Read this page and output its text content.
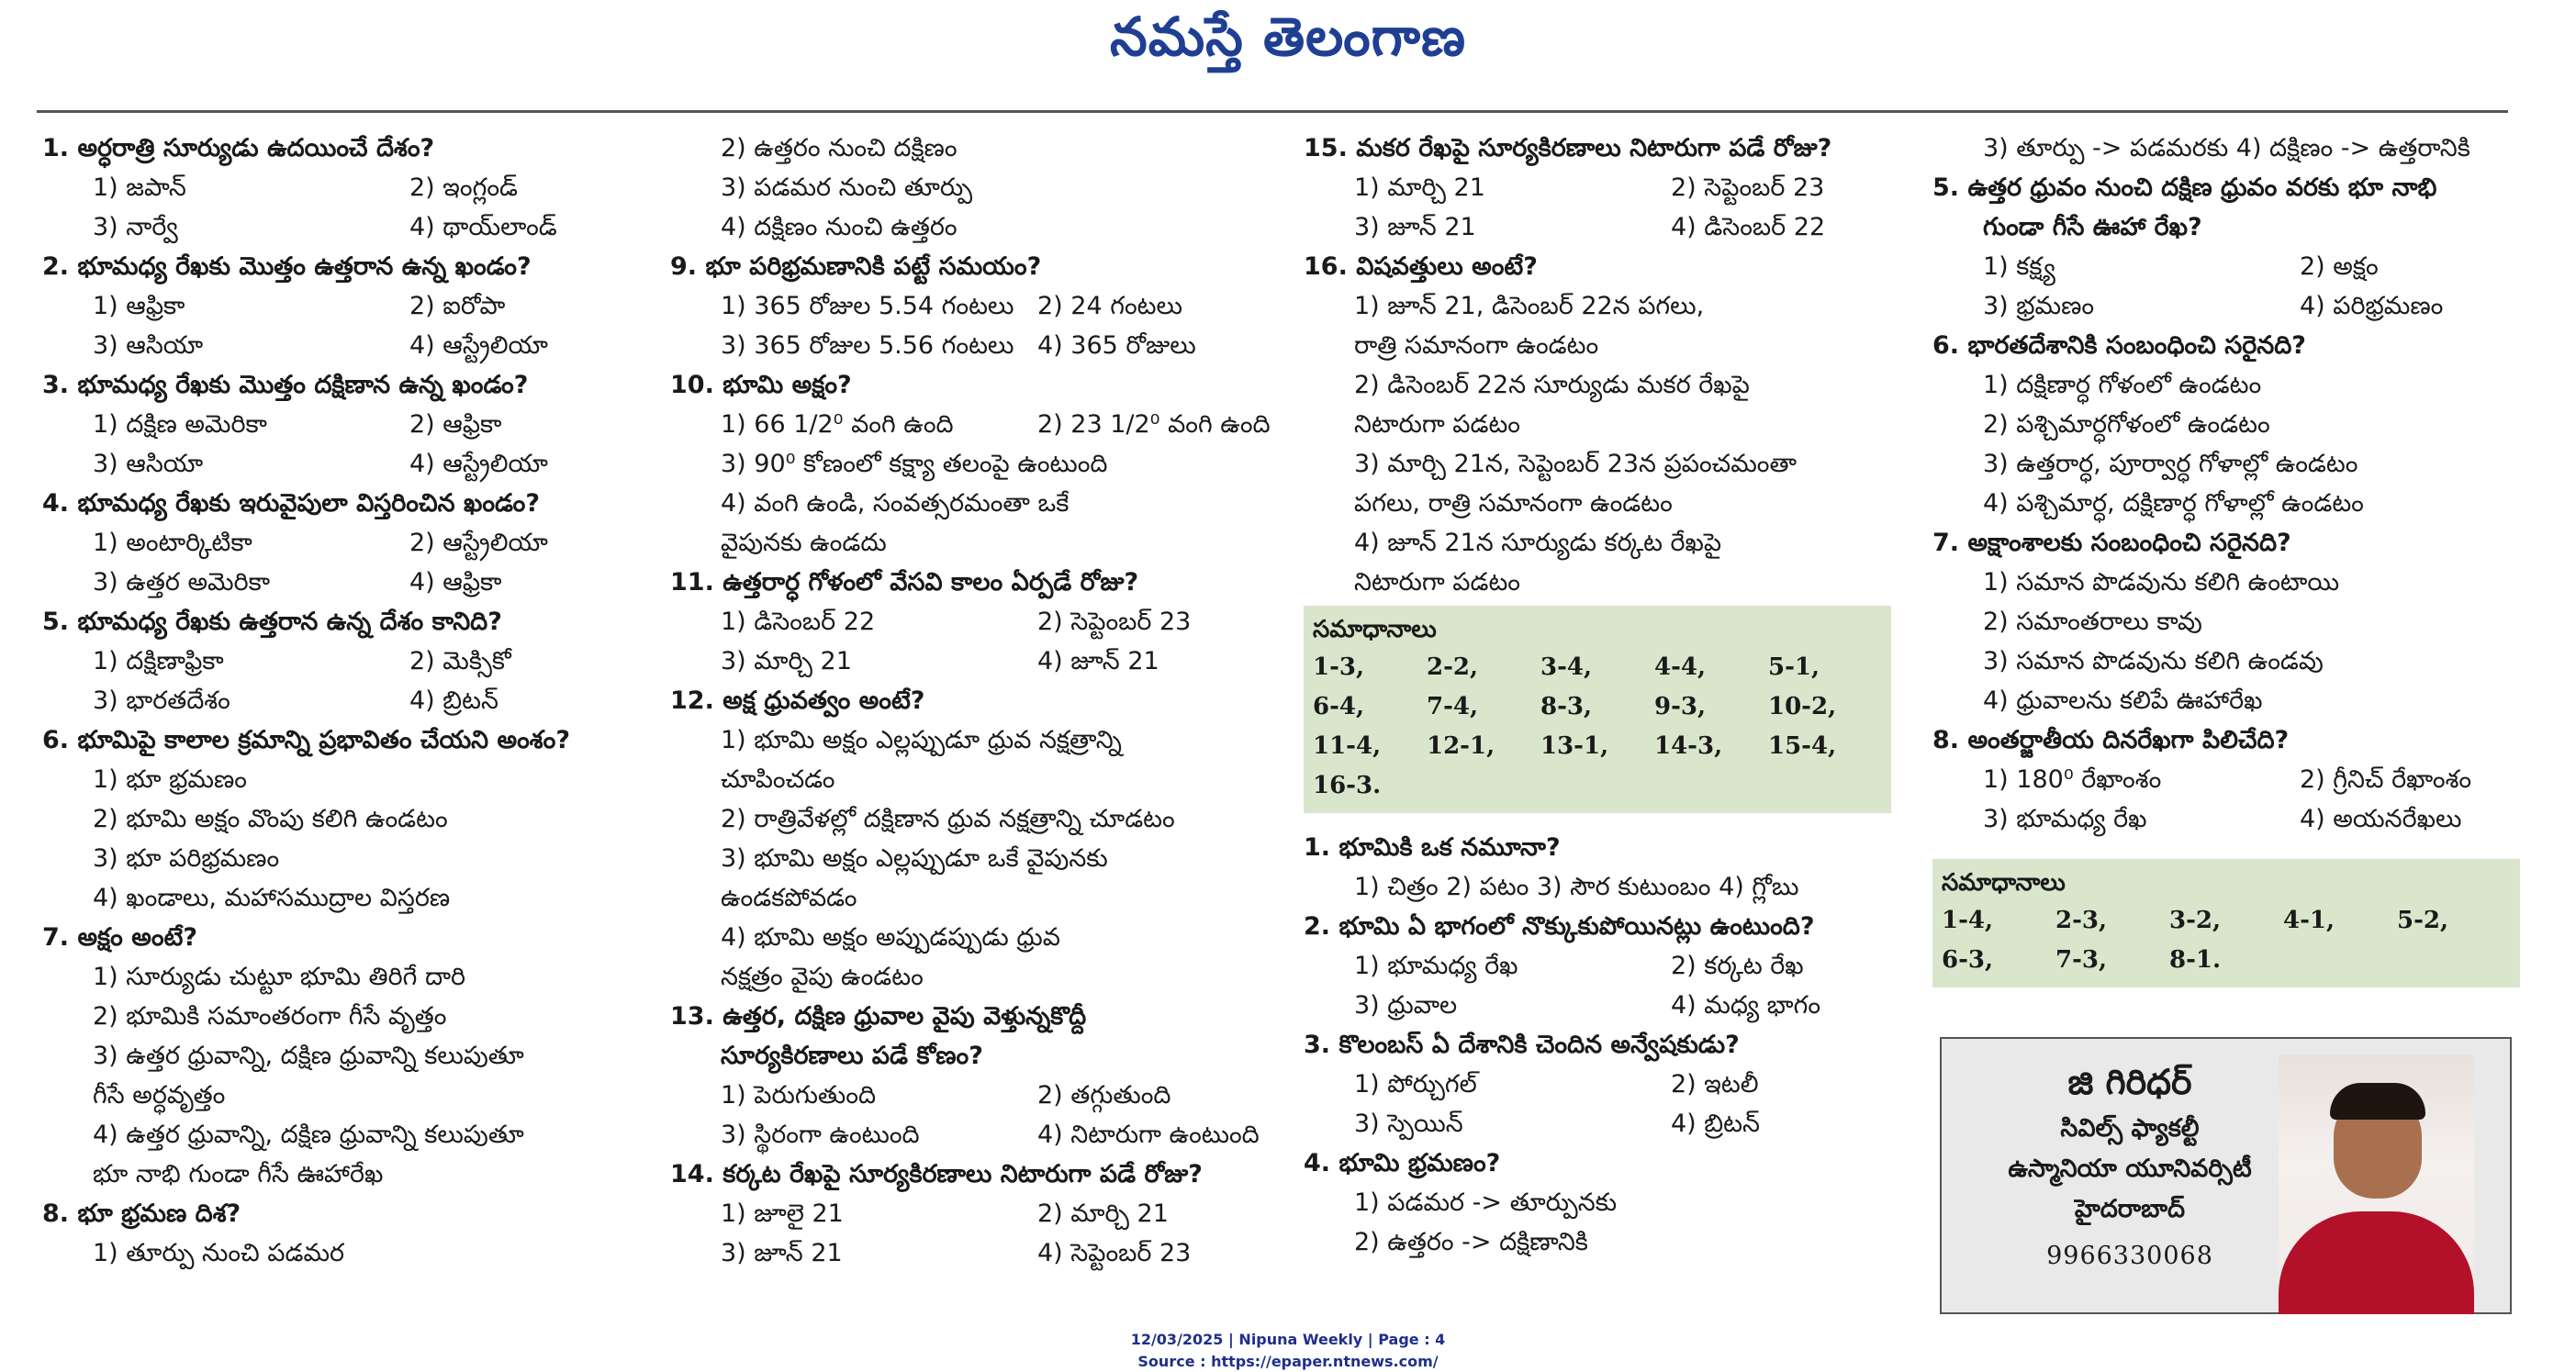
నమస్తే తెలంగాణ
1. అర్ధరాత్రి సూర్యుడు ఉదయించే దేశం?
1) జపాన్	2) ఇంగ్లండ్
3) నార్వే	4) థాయ్‌లాండ్
2. భూమధ్య రేఖకు మొత్తం ఉత్తరాన ఉన్న ఖండం?
1) ఆఫ్రికా	2) ఐరోపా
3) ఆసియా	4) ఆస్ట్రేలియా
3. భూమధ్య రేఖకు మొత్తం దక్షిణాన ఉన్న ఖండం?
1) దక్షిణ అమెరికా	2) ఆఫ్రికా
3) ఆసియా	4) ఆస్ట్రేలియా
4. భూమధ్య రేఖకు ఇరువైపులా విస్తరించిన ఖండం?
1) అంటార్కిటికా	2) ఆస్ట్రేలియా
3) ఉత్తర అమెరికా	4) ఆఫ్రికా
5. భూమధ్య రేఖకు ఉత్తరాన ఉన్న దేశం కానిది?
1) దక్షిణాఫ్రికా	2) మెక్సికో
3) భారతదేశం	4) బ్రిటన్
6. భూమిపై కాలాల క్రమాన్ని ప్రభావితం చేయని అంశం?
1) భూ భ్రమణం
2) భూమి అక్షం వొంపు కలిగి ఉండటం
3) భూ పరిభ్రమణం
4) ఖండాలు, మహాసముద్రాల విస్తరణ
7. అక్షం అంటే?
1) సూర్యుడు చుట్టూ భూమి తిరిగే దారి
2) భూమికి సమాంతరంగా గీసే వృత్తం
3) ఉత్తర ధ్రువాన్ని, దక్షిణ ధ్రువాన్ని కలుపుతూ
గీసే అర్ధవృత్తం
4) ఉత్తర ధ్రువాన్ని, దక్షిణ ధ్రువాన్ని కలుపుతూ
భూ నాభి గుండా గీసే ఊహారేఖ
8. భూ భ్రమణ దిశ?
1) తూర్పు నుంచి పడమర
2) ఉత్తరం నుంచి దక్షిణం
3) పడమర నుంచి తూర్పు
4) దక్షిణం నుంచి ఉత్తరం
9. భూ పరిభ్రమణానికి పట్టే సమయం?
1) 365 రోజుల 5.54 గంటలు 2) 24 గంటలు
3) 365 రోజుల 5.56 గంటలు 4) 365 రోజులు
10. భూమి అక్షం?
1) 66 1/2⁰ వంగి ఉంది	2) 23 1/2⁰ వంగి ఉంది
3) 90⁰ కోణంలో కక్ష్యా తలంపై ఉంటుంది
4) వంగి ఉండి, సంవత్సరమంతా ఒకే
వైపునకు ఉండదు
11. ఉత్తరార్ధ గోళంలో వేసవి కాలం ఏర్పడే రోజు?
1) డిసెంబర్ 22	2) సెప్టెంబర్ 23
3) మార్చి 21	4) జూన్ 21
12. అక్ష ధ్రువత్వం అంటే?
1) భూమి అక్షం ఎల్లప్పుడూ ధ్రువ నక్షత్రాన్ని
చూపించడం
2) రాత్రివేళల్లో దక్షిణాన ధ్రువ నక్షత్రాన్ని చూడటం
3) భూమి అక్షం ఎల్లప్పుడూ ఒకే వైపునకు
ఉండకపోవడం
4) భూమి అక్షం అప్పుడప్పుడు ధ్రువ
నక్షత్రం వైపు ఉండటం
13. ఉత్తర, దక్షిణ ధ్రువాల వైపు వెళ్తున్నకొద్దీ
సూర్యకిరణాలు పడే కోణం?
1) పెరుగుతుంది	2) తగ్గుతుంది
3) స్థిరంగా ఉంటుంది	4) నిటారుగా ఉంటుంది
14. కర్కట రేఖపై సూర్యకిరణాలు నిటారుగా పడే రోజు?
1) జూలై 21	2) మార్చి 21
3) జూన్ 21	4) సెప్టెంబర్ 23
15. మకర రేఖపై సూర్యకిరణాలు నిటారుగా పడే రోజు?
1) మార్చి 21	2) సెప్టెంబర్ 23
3) జూన్ 21	4) డిసెంబర్ 22
16. విషవత్తులు అంటే?
1) జూన్ 21, డిసెంబర్ 22న పగలు,
రాత్రి సమానంగా ఉండటం
2) డిసెంబర్ 22న సూర్యుడు మకర రేఖపై
నిటారుగా పడటం
3) మార్చి 21న, సెప్టెంబర్ 23న ప్రపంచమంతా
పగలు, రాత్రి సమానంగా ఉండటం
4) జూన్ 21న సూర్యుడు కర్కట రేఖపై
నిటారుగా పడటం
సమాధానాలు
1-3,	2-2,	3-4,	4-4,	5-1,
6-4,	7-4,	8-3,	9-3,	10-2,
11-4,	12-1,	13-1,	14-3,	15-4,
16-3.
1. భూమికి ఒక నమూనా?
1) చిత్రం 2) పటం 3) సౌర కుటుంబం 4) గ్లోబు
2. భూమి ఏ భాగంలో నొక్కుకుపోయినట్లు ఉంటుంది?
1) భూమధ్య రేఖ	2) కర్కట రేఖ
3) ధ్రువాల	4) మధ్య భాగం
3. కొలంబస్ ఏ దేశానికి చెందిన అన్వేషకుడు?
1) పోర్చుగల్	2) ఇటలీ
3) స్పెయిన్	4) బ్రిటన్
4. భూమి భ్రమణం?
1) పడమర -> తూర్పునకు
2) ఉత్తరం -> దక్షిణానికి
3) తూర్పు -> పడమరకు 4) దక్షిణం -> ఉత్తరానికి
5. ఉత్తర ధ్రువం నుంచి దక్షిణ ధ్రువం వరకు భూ నాభి
గుండా గీసే ఊహా రేఖ?
1) కక్ష్య	2) అక్షం
3) భ్రమణం	4) పరిభ్రమణం
6. భారతదేశానికి సంబంధించి సరైనది?
1) దక్షిణార్ధ గోళంలో ఉండటం
2) పశ్చిమార్ధగోళంలో ఉండటం
3) ఉత్తరార్ధ, పూర్వార్ధ గోళాల్లో ఉండటం
4) పశ్చిమార్ధ, దక్షిణార్ధ గోళాల్లో ఉండటం
7. అక్షాంశాలకు సంబంధించి సరైనది?
1) సమాన పొడవును కలిగి ఉంటాయి
2) సమాంతరాలు కావు
3) సమాన పొడవును కలిగి ఉండవు
4) ధ్రువాలను కలిపే ఊహారేఖ
8. అంతర్జాతీయ దినరేఖగా పిలిచేది?
1) 180⁰ రేఖాంశం	2) గ్రీనిచ్ రేఖాంశం
3) భూమధ్య రేఖ	4) అయనరేఖలు
సమాధానాలు
1-4,	2-3,	3-2,	4-1,	5-2,
6-3,	7-3,	8-1.
జి గిరిధర్
సివిల్స్ ఫ్యాకల్టీ
ఉస్మానియా యూనివర్సిటీ
హైదరాబాద్
9966330068
12/03/2025 | Nipuna Weekly | Page : 4
Source : https://epaper.ntnews.com/
